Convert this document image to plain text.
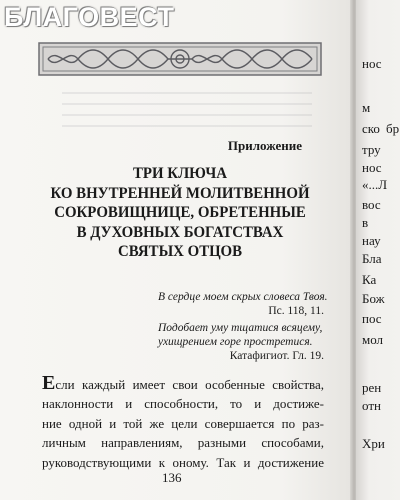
БЛАГОВЕСТ
Приложение
ТРИ КЛЮЧА
КО ВНУТРЕННЕЙ МОЛИТВЕННОЙ
СОКРОВИЩНИЦЕ, ОБРЕТЕННЫЕ
В ДУХОВНЫХ БОГАТСТВАХ
СВЯТЫХ ОТЦОВ
В сердце моем скрых словеса Твоя.
Пс. 118, 11.
Подобает уму тщатися всяцему,
ухищрением горе простретися.
Катафигиот. Гл. 19.
Если каждый имеет свои особенные свойства,
наклонности и способности, то и достиже-
ние одной и той же цели совершается по раз-
личным направлениям, разными способами,
руководствующими к оному. Так и достижение
136
нос
м
ско бр
тру
нос
«...Л
вос
в
нау
Бла
Ка
Бож
пос
мол
рен
отн
Хри
